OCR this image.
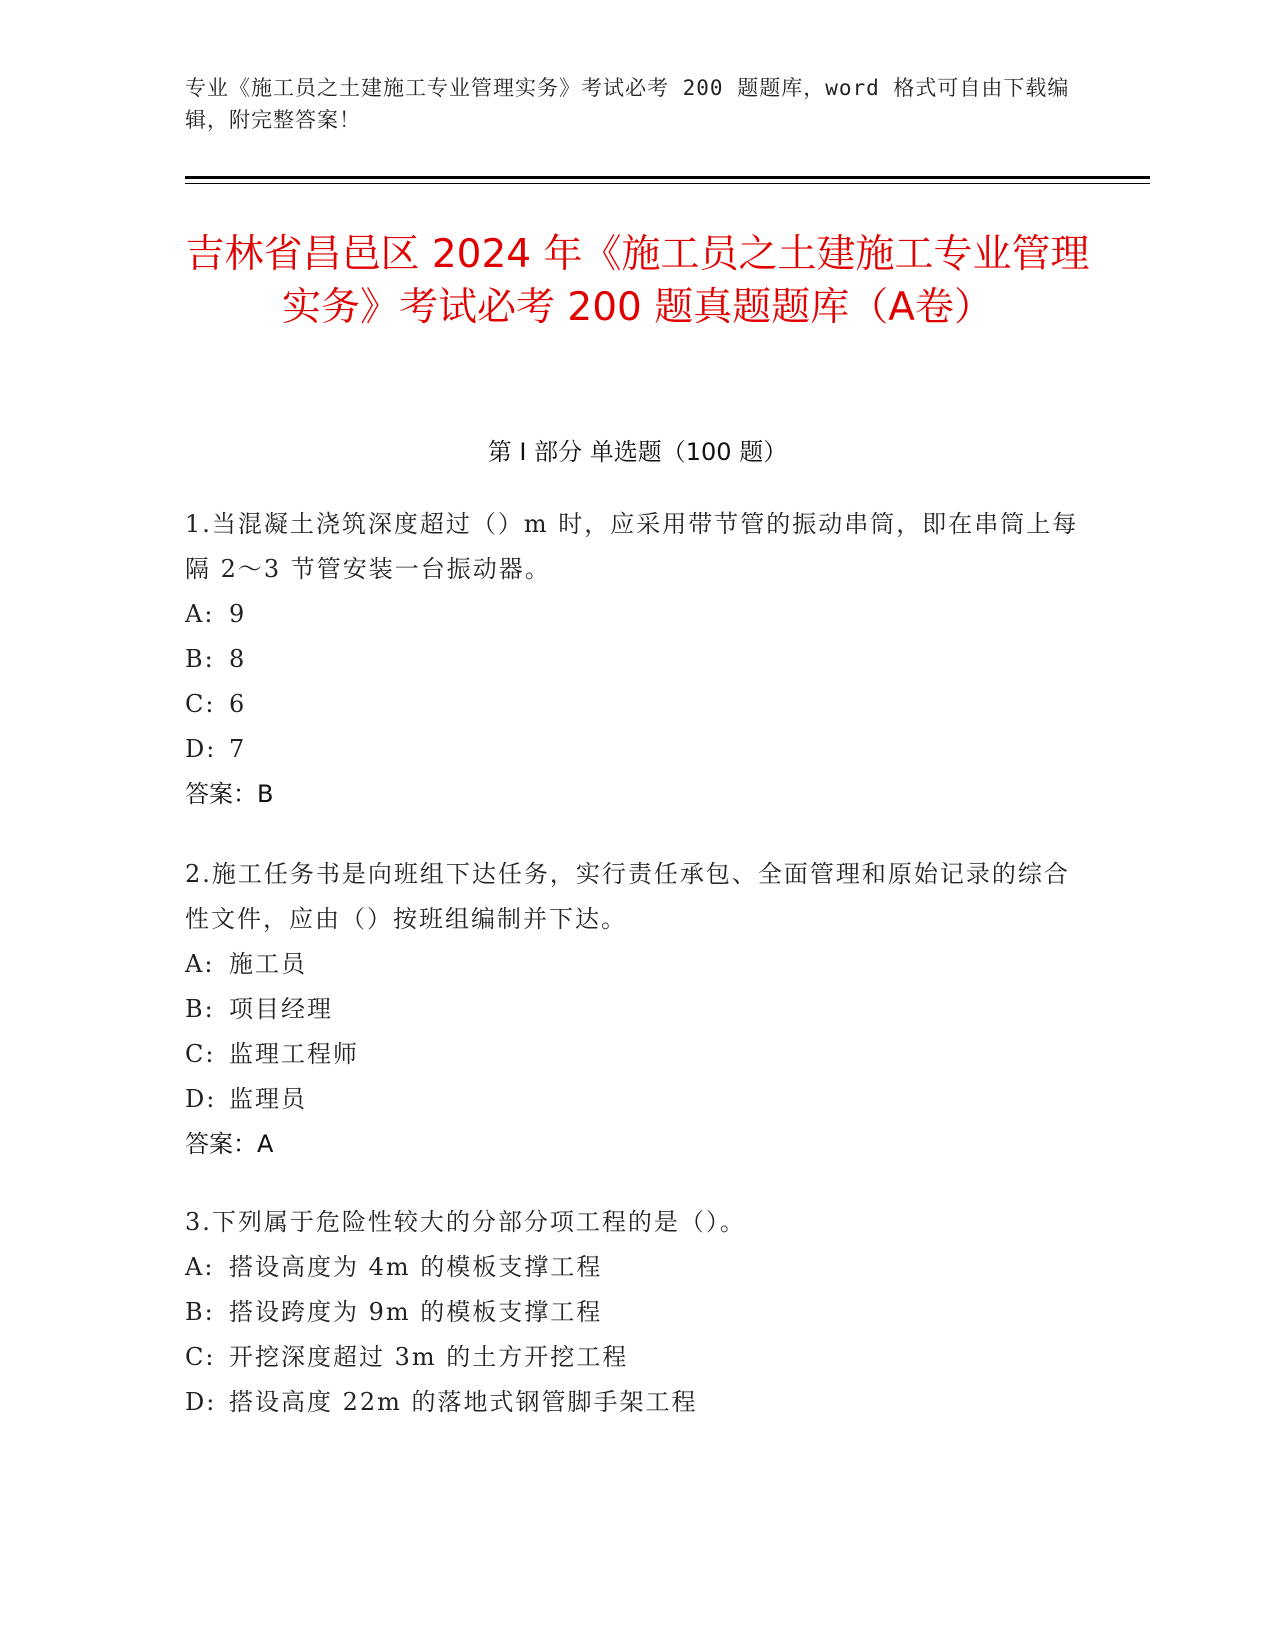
专业《施工员之土建施工专业管理实务》考试必考 200 题题库，word 格式可自由下载编辑，附完整答案！
吉林省昌邑区 2024 年《施工员之土建施工专业管理实务》考试必考 200 题真题题库（A卷）
第 I 部分 单选题（100 题）

1.当混凝土浇筑深度超过（）m 时，应采用带节管的振动串筒，即在串筒上每隔 2～3 节管安装一台振动器。

A: 9

B: 8

C: 6

D: 7

答案：B

2.施工任务书是向班组下达任务，实行责任承包、全面管理和原始记录的综合性文件，应由（）按班组编制并下达。

A: 施工员

B: 项目经理

C: 监理工程师

D: 监理员

答案：A

3.下列属于危险性较大的分部分项工程的是（）。

A: 搭设高度为 4m 的模板支撑工程

B: 搭设跨度为 9m 的模板支撑工程

C: 开挖深度超过 3m 的土方开挖工程

D: 搭设高度 22m 的落地式钢管脚手架工程
